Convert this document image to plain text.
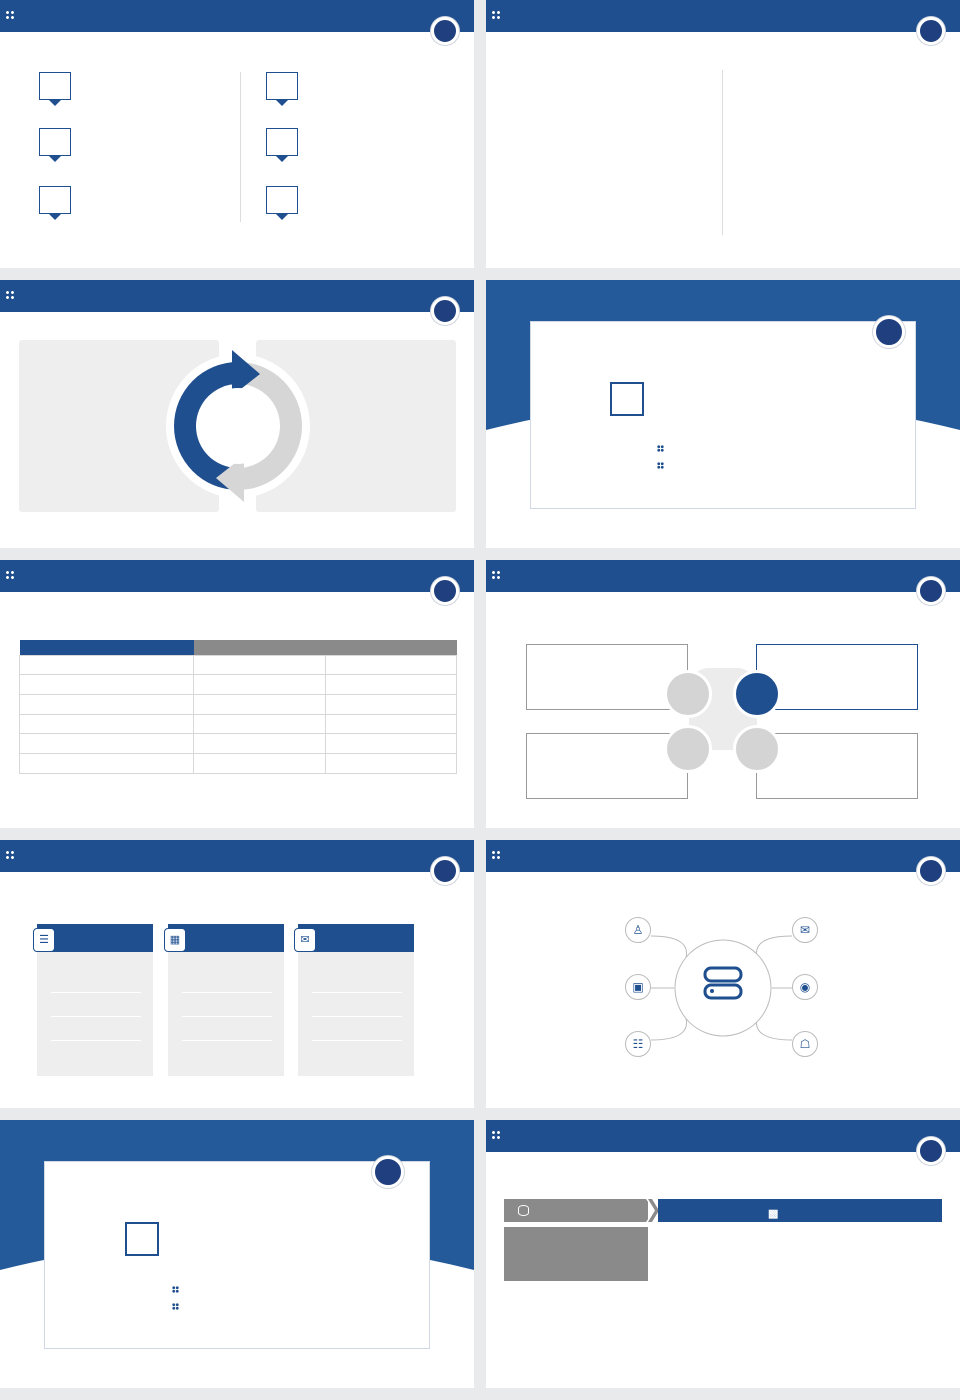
☰	▦	✉
♙
▣
☷
✉
◉
☖
▩
